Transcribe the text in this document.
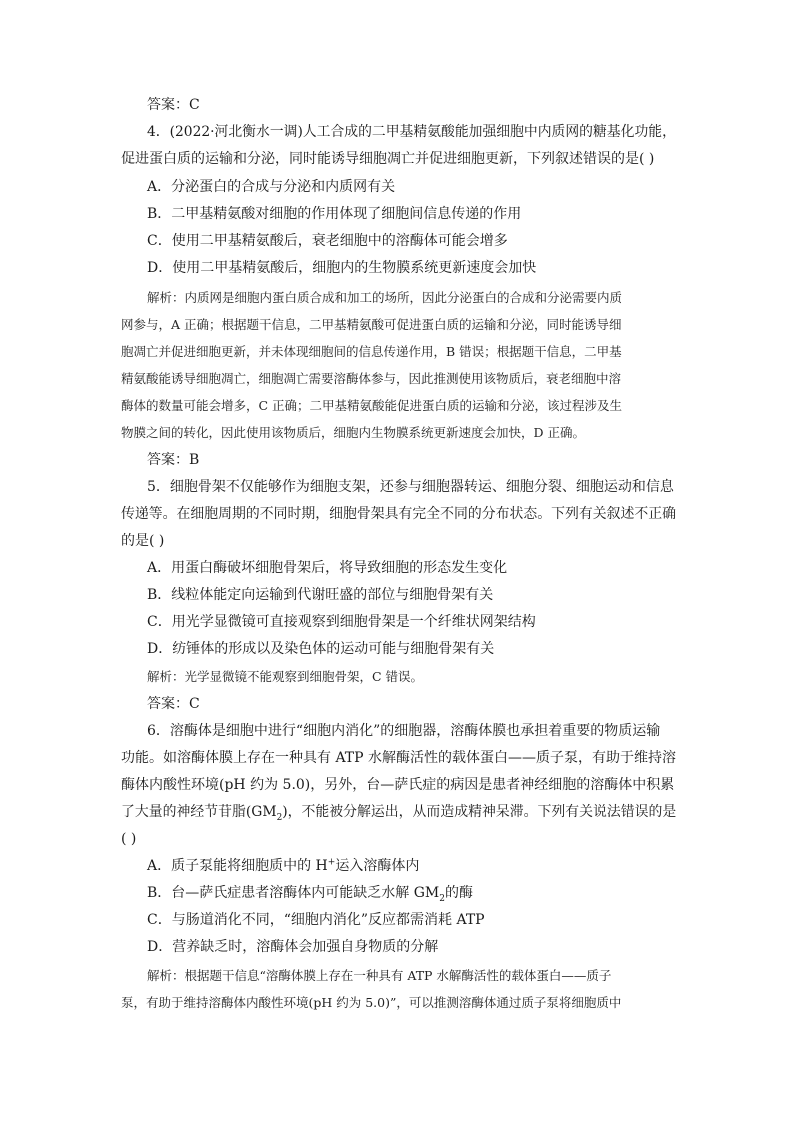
答案：C
4．(2022·河北衡水一调)人工合成的二甲基精氨酸能加强细胞中内质网的糖基化功能，
促进蛋白质的运输和分泌，同时能诱导细胞凋亡并促进细胞更新，下列叙述错误的是( )
A．分泌蛋白的合成与分泌和内质网有关
B．二甲基精氨酸对细胞的作用体现了细胞间信息传递的作用
C．使用二甲基精氨酸后，衰老细胞中的溶酶体可能会增多
D．使用二甲基精氨酸后，细胞内的生物膜系统更新速度会加快
解析：内质网是细胞内蛋白质合成和加工的场所，因此分泌蛋白的合成和分泌需要内质
网参与，A 正确；根据题干信息，二甲基精氨酸可促进蛋白质的运输和分泌，同时能诱导细
胞凋亡并促进细胞更新，并未体现细胞间的信息传递作用，B 错误；根据题干信息，二甲基
精氨酸能诱导细胞凋亡，细胞凋亡需要溶酶体参与，因此推测使用该物质后，衰老细胞中溶
酶体的数量可能会增多，C 正确；二甲基精氨酸能促进蛋白质的运输和分泌，该过程涉及生
物膜之间的转化，因此使用该物质后，细胞内生物膜系统更新速度会加快，D 正确。
答案：B
5．细胞骨架不仅能够作为细胞支架，还参与细胞器转运、细胞分裂、细胞运动和信息
传递等。在细胞周期的不同时期，细胞骨架具有完全不同的分布状态。下列有关叙述不正确
的是( )
A．用蛋白酶破坏细胞骨架后，将导致细胞的形态发生变化
B．线粒体能定向运输到代谢旺盛的部位与细胞骨架有关
C．用光学显微镜可直接观察到细胞骨架是一个纤维状网架结构
D．纺锤体的形成以及染色体的运动可能与细胞骨架有关
解析：光学显微镜不能观察到细胞骨架，C 错误。
答案：C
6．溶酶体是细胞中进行“细胞内消化”的细胞器，溶酶体膜也承担着重要的物质运输
功能。如溶酶体膜上存在一种具有 ATP 水解酶活性的载体蛋白——质子泵，有助于维持溶
酶体内酸性环境(pH 约为 5.0)，另外，台—萨氏症的病因是患者神经细胞的溶酶体中积累
了大量的神经节苷脂$(GM_2)$，不能被分解运出，从而造成精神呆滞。下列有关说法错误的是
( )
A．质子泵能将细胞质中的 H+运入溶酶体内
B．台—萨氏症患者溶酶体内可能缺乏水解 $GM_2$的酶
C．与肠道消化不同，“细胞内消化”反应都需消耗 ATP
D．营养缺乏时，溶酶体会加强自身物质的分解
解析：根据题干信息“溶酶体膜上存在一种具有 ATP 水解酶活性的载体蛋白——质子
泵，有助于维持溶酶体内酸性环境(pH 约为 5.0)”，可以推测溶酶体通过质子泵将细胞质中
